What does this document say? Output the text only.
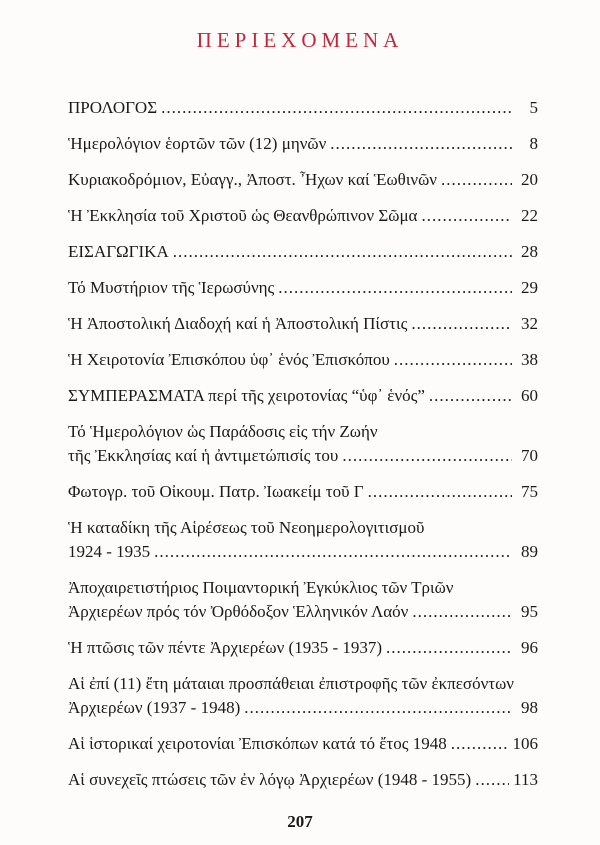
ΠΕΡΙΕΧΟΜΕΝΑ
ΠΡΟΛΟΓΟΣ .....	5
Ἡμερολόγιον ἑορτῶν τῶν (12) μηνῶν .....	8
Κυριακοδρόμιον, Εὐαγγ., Ἀποστ. Ἦχων καί Ἑωθινῶν .....	20
Ἡ Ἐκκλησία τοῦ Χριστοῦ ὡς Θεανθρώπινον Σῶμα .....	22
ΕΙΣΑΓΩΓΙΚΑ .....	28
Τό Μυστήριον τῆς Ἱερωσύνης .....	29
Ἡ Ἀποστολική Διαδοχή καί ἡ Ἀποστολική Πίστις .....	32
Ἡ Χειροτονία Ἐπισκόπου ὑφ᾽ ἑνός Ἐπισκόπου .....	38
ΣΥΜΠΕΡΑΣΜΑΤΑ περί τῆς χειροτονίας “ὑφ᾽ ἑνός” .....	60
Τό Ἡμερολόγιον ὡς Παράδοσις εἰς τήν Ζωήν
τῆς Ἐκκλησίας καί ἡ ἀντιμετώπισίς του .....	70
Φωτογρ. τοῦ Οἰκουμ. Πατρ. Ἰωακείμ τοῦ Γ .....	75
Ἡ καταδίκη τῆς Αἱρέσεως τοῦ Νεοημερολογιτισμοῦ
1924 - 1935 .....	89
Ἀποχαιρετιστήριος Ποιμαντορική Ἐγκύκλιος τῶν Τριῶν
Ἀρχιερέων πρός τόν Ὀρθόδοξον Ἑλληνικόν Λαόν .....	95
Ἡ πτῶσις τῶν πέντε Ἀρχιερέων (1935 - 1937) .....	96
Αἱ ἐπί (11) ἔτη μάταιαι προσπάθειαι ἐπιστροφῆς τῶν ἐκπεσόντων
Ἀρχιερέων (1937 - 1948) .....	98
Αἱ ἱστορικαί χειροτονίαι Ἐπισκόπων κατά τό ἔτος 1948 .....	106
Αἱ συνεχεῖς πτώσεις τῶν ἐν λόγῳ Ἀρχιερέων (1948 - 1955) ..... 113
207
